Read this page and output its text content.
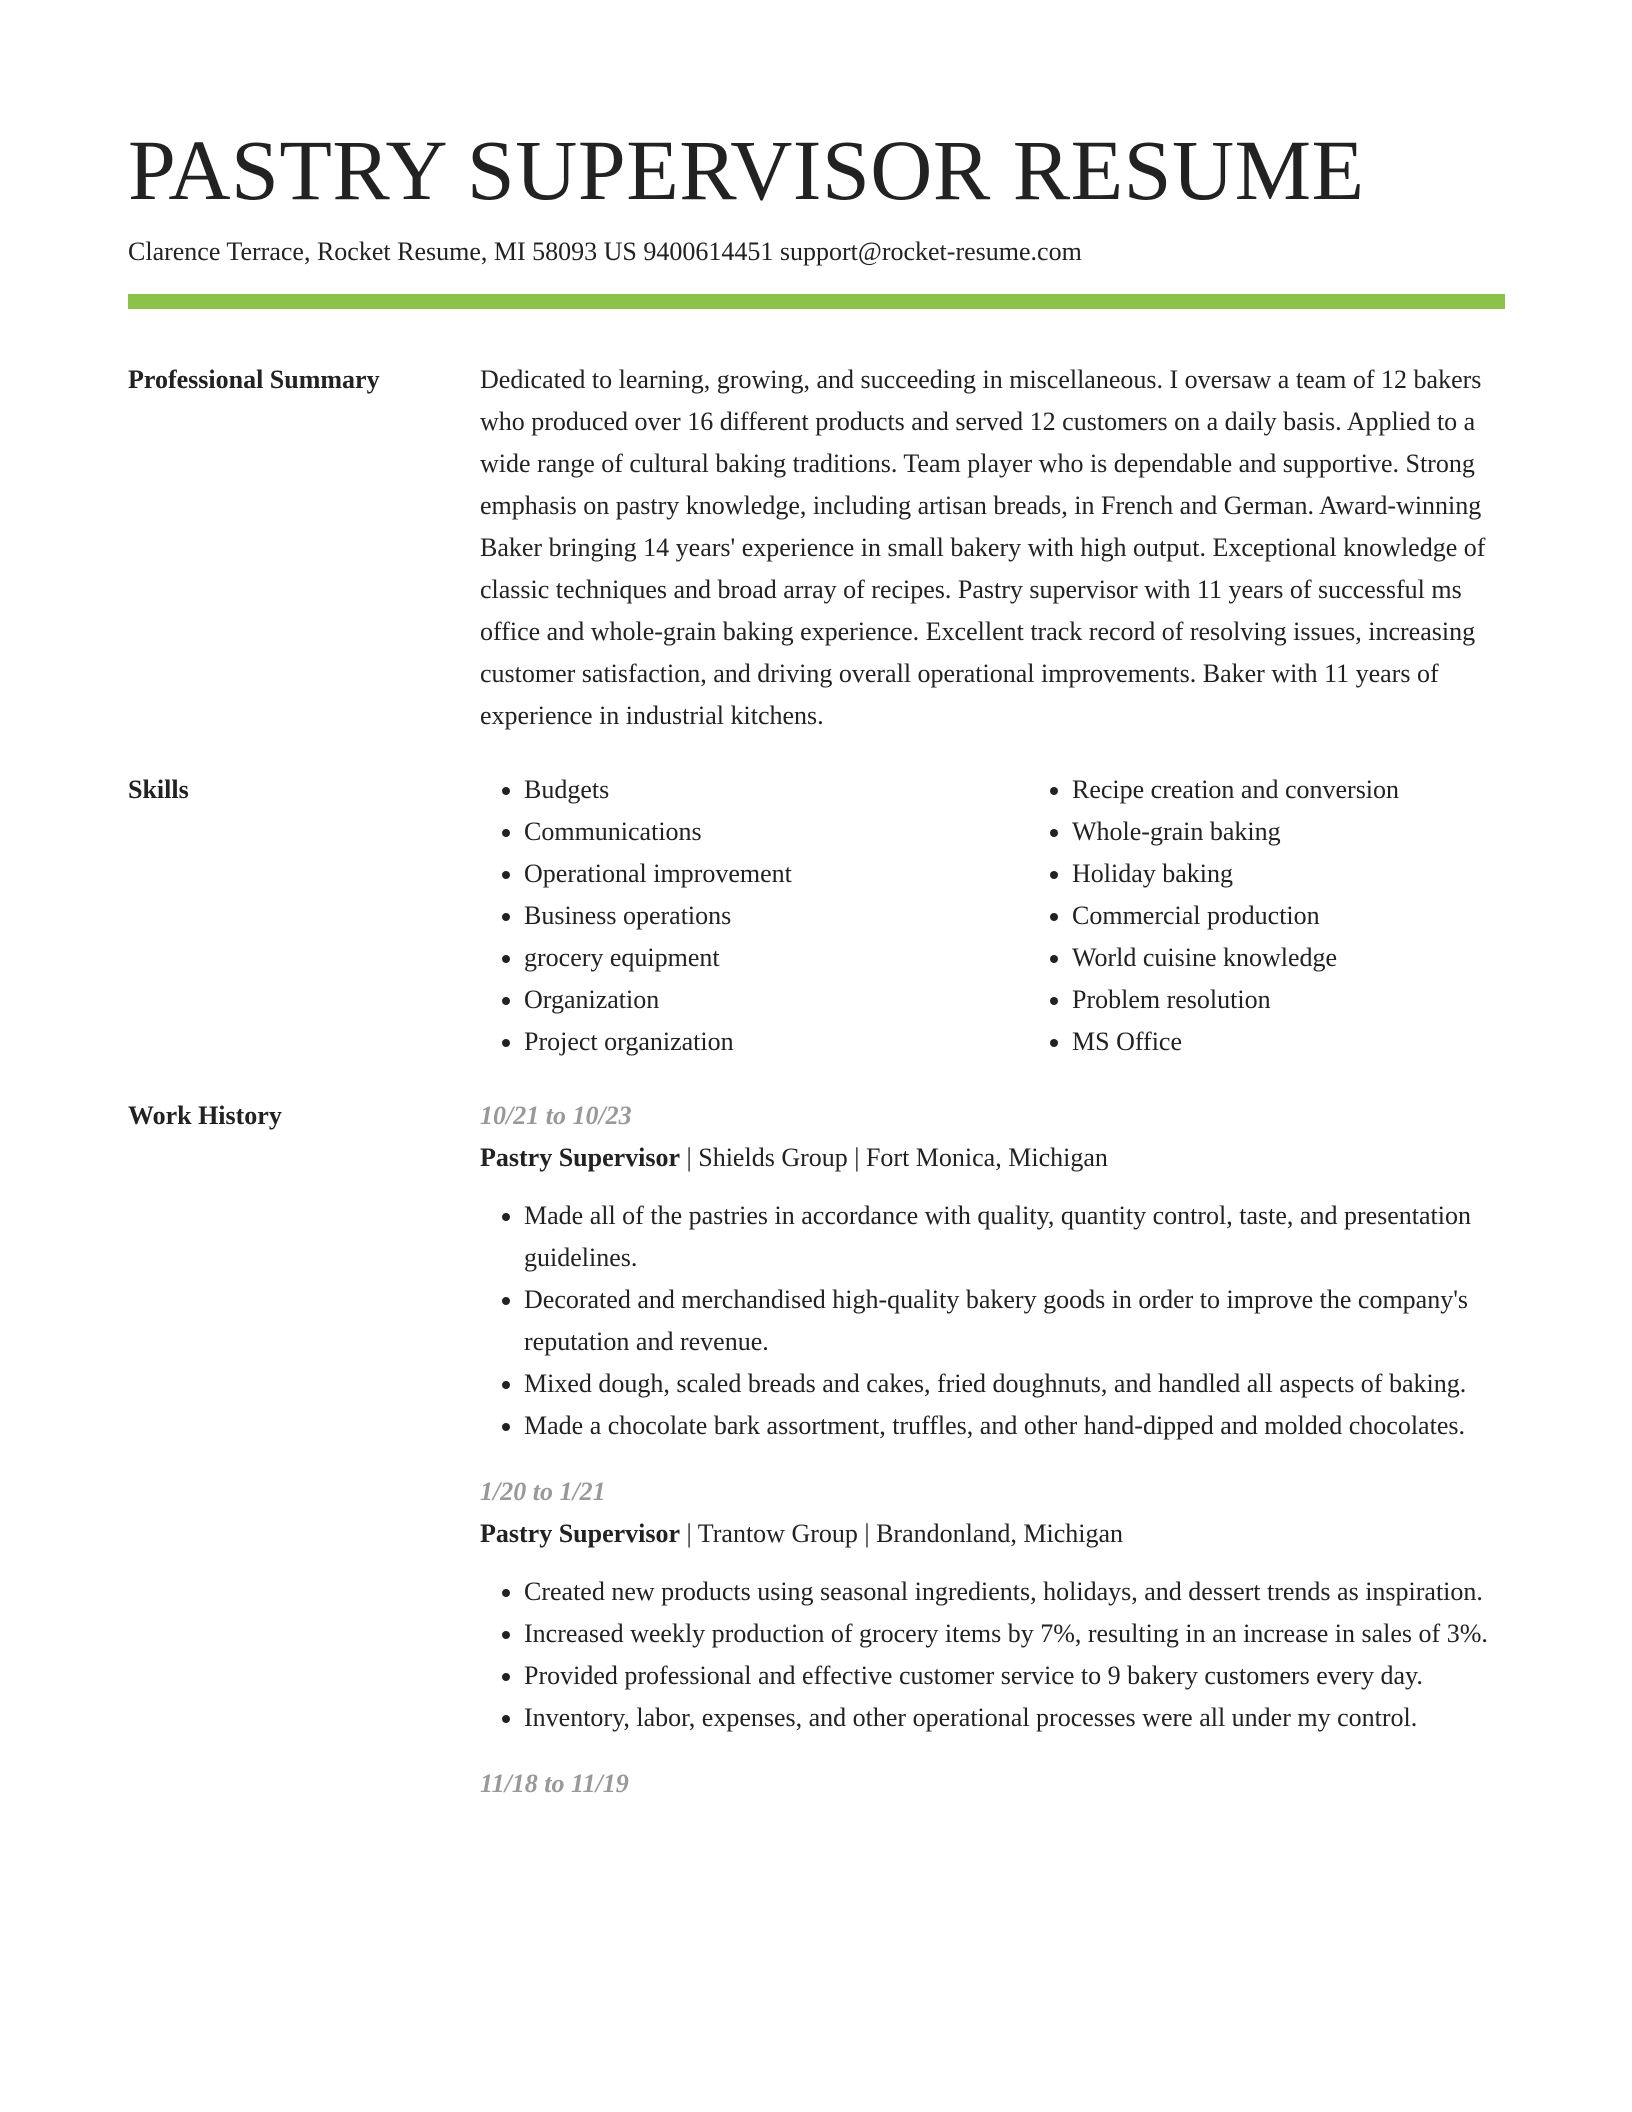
PASTRY SUPERVISOR RESUME
Clarence Terrace, Rocket Resume, MI 58093 US 9400614451 support@rocket-resume.com
Professional Summary	Dedicated to learning, growing, and succeeding in miscellaneous. I oversaw a team of 12 bakers who produced over 16 different products and served 12 customers on a daily basis. Applied to a wide range of cultural baking traditions. Team player who is dependable and supportive. Strong emphasis on pastry knowledge, including artisan breads, in French and German. Award-winning Baker bringing 14 years' experience in small bakery with high output. Exceptional knowledge of classic techniques and broad array of recipes. Pastry supervisor with 11 years of successful ms office and whole-grain baking experience. Excellent track record of resolving issues, increasing customer satisfaction, and driving overall operational improvements. Baker with 11 years of experience in industrial kitchens.
Skills
•	Budgets
• Communications
• Operational improvement
• Business operations
• grocery equipment
• Organization
• Project organization
• Recipe creation and conversion
• Whole-grain baking
• Holiday baking
• Commercial production
• World cuisine knowledge
• Problem resolution
• MS Office
Work History	10/21 to 10/23
Pastry Supervisor | Shields Group | Fort Monica, Michigan
• Made all of the pastries in accordance with quality, quantity control, taste, and presentation guidelines.
• Decorated and merchandised high-quality bakery goods in order to improve the company's reputation and revenue.
• Mixed dough, scaled breads and cakes, fried doughnuts, and handled all aspects of baking.
• Made a chocolate bark assortment, truffles, and other hand-dipped and molded chocolates.
1/20 to 1/21
Pastry Supervisor | Trantow Group | Brandonland, Michigan
• Created new products using seasonal ingredients, holidays, and dessert trends as inspiration.
• Increased weekly production of grocery items by 7%, resulting in an increase in sales of 3%.
• Provided professional and effective customer service to 9 bakery customers every day.
• Inventory, labor, expenses, and other operational processes were all under my control.
11/18 to 11/19
